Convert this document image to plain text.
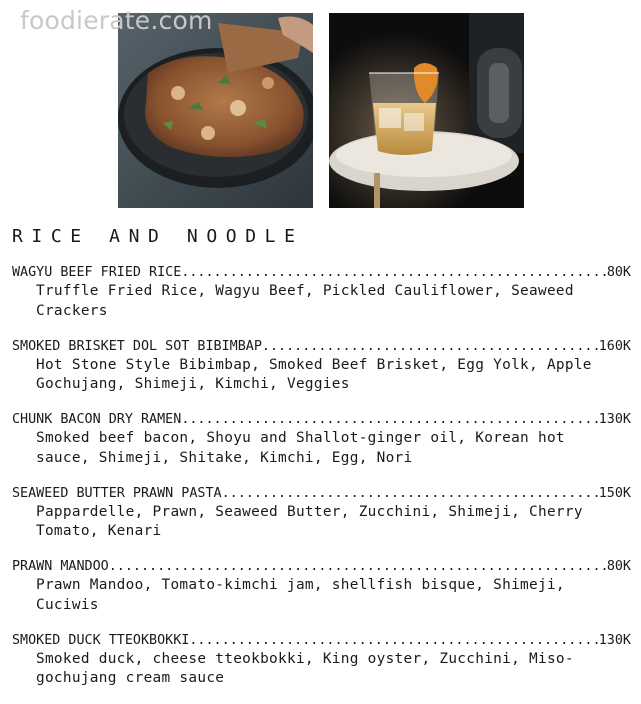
foodierate.com
RICE AND NOODLE
WAGYU BEEF FRIED RICE .....	80K
Truffle Fried Rice, Wagyu Beef, Pickled Cauliflower, Seaweed Crackers
SMOKED BRISKET DOL SOT BIBIMBAP .....	160K
Hot Stone Style Bibimbap, Smoked Beef Brisket, Egg Yolk, Apple Gochujang, Shimeji, Kimchi, Veggies
CHUNK BACON DRY RAMEN .....	130K
Smoked beef bacon, Shoyu and Shallot-ginger oil, Korean hot sauce, Shimeji, Shitake, Kimchi, Egg, Nori
SEAWEED BUTTER PRAWN PASTA .....	150K
Pappardelle, Prawn, Seaweed Butter, Zucchini, Shimeji, Cherry Tomato, Kenari
PRAWN MANDOO .....	80K
Prawn Mandoo, Tomato-kimchi jam, shellfish bisque, Shimeji, Cuciwis
SMOKED DUCK TTEOKBOKKI .....	130K
Smoked duck, cheese tteokbokki, King oyster, Zucchini, Miso-gochujang cream sauce
